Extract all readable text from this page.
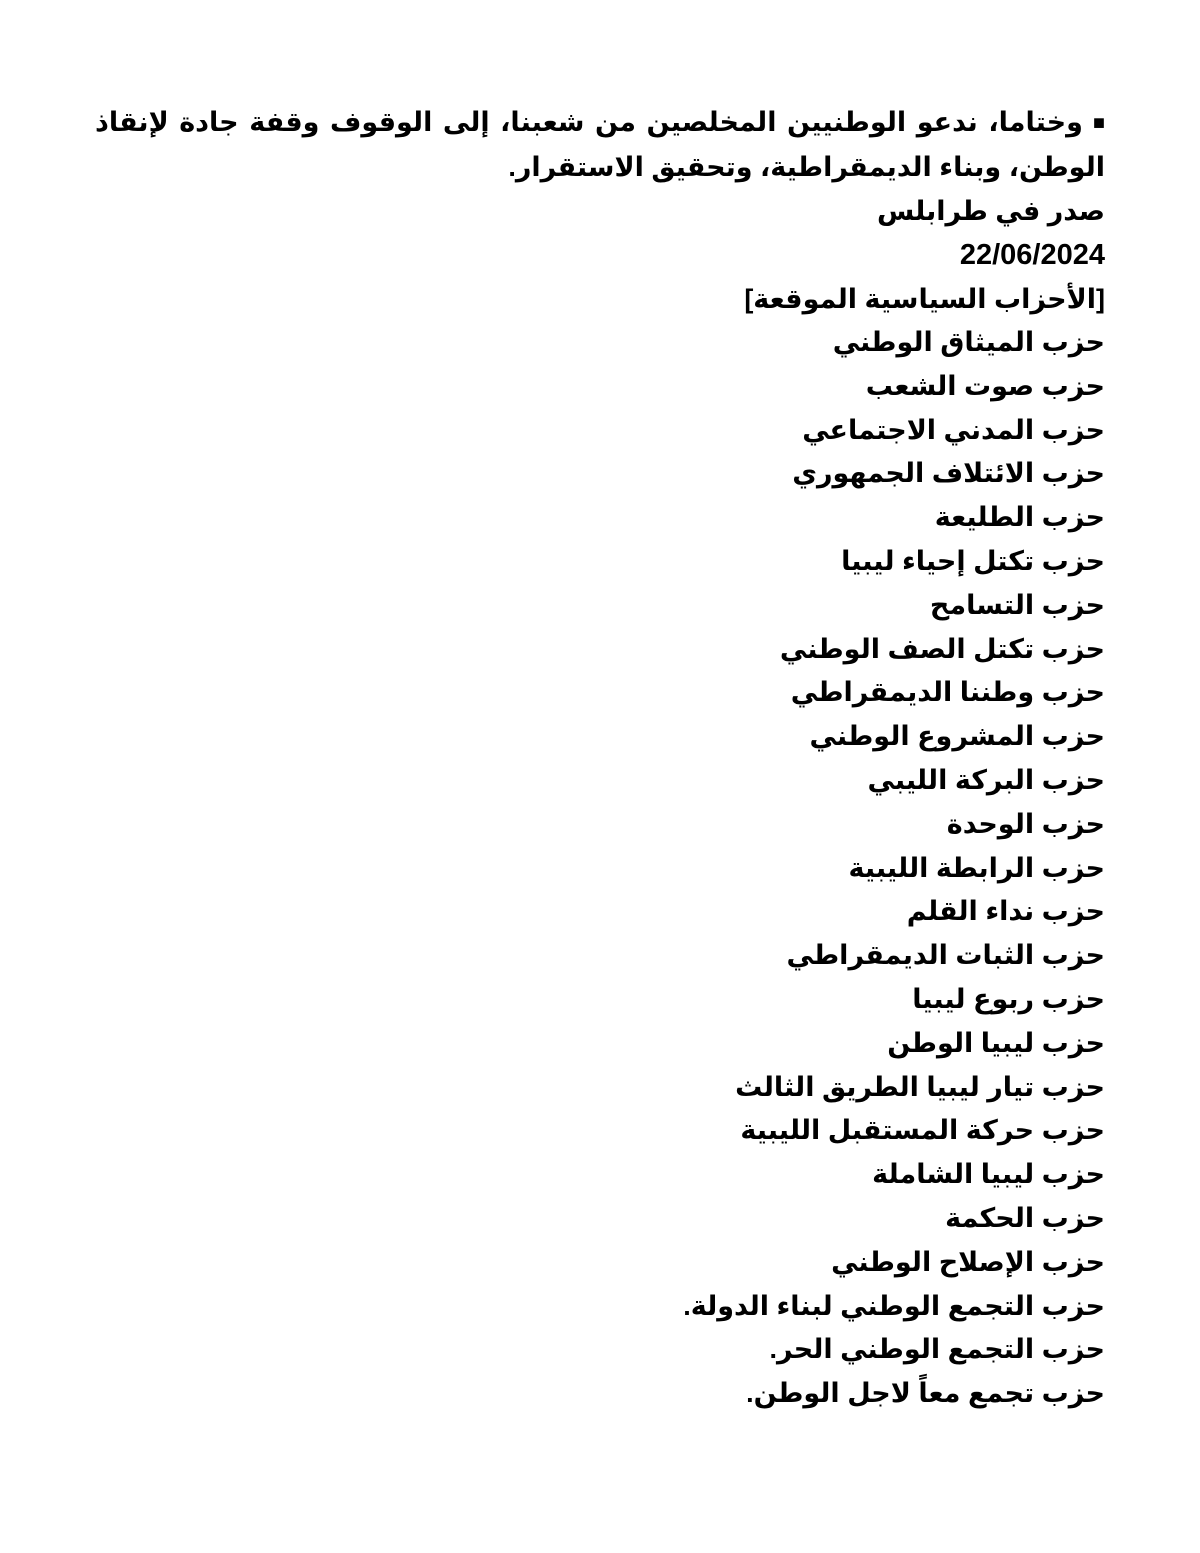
■وختاما، ندعو الوطنيين المخلصين من شعبنا، إلى الوقوف وقفة جادة لإنقاذ الوطن، وبناء الديمقراطية، وتحقيق الاستقرار.

صدر في طرابلس

22/06/2024

[الأحزاب السياسية الموقعة]

حزب الميثاق الوطني
حزب صوت الشعب
حزب المدني الاجتماعي
حزب الائتلاف الجمهوري
حزب الطليعة
حزب تكتل إحياء ليبيا
حزب التسامح
حزب تكتل الصف الوطني
حزب وطننا الديمقراطي
حزب المشروع الوطني
حزب البركة الليبي
حزب الوحدة
حزب الرابطة الليبية
حزب نداء القلم
حزب الثبات الديمقراطي
حزب ربوع ليبيا
حزب ليبيا الوطن
حزب تيار ليبيا الطريق الثالث
حزب حركة المستقبل الليبية
حزب ليبيا الشاملة
حزب الحكمة
حزب الإصلاح الوطني
حزب التجمع الوطني لبناء الدولة.
حزب التجمع الوطني الحر.
حزب تجمع معاً لاجل الوطن.
